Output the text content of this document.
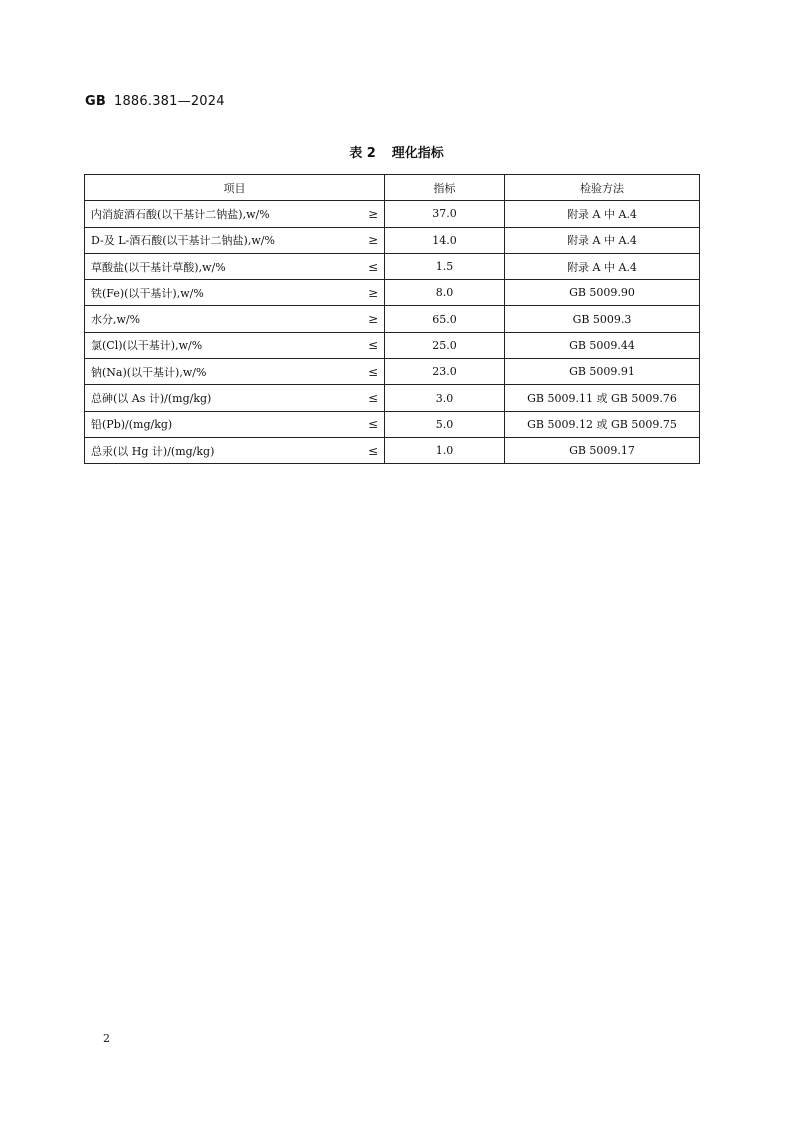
GB 1886.381—2024
表 2 理化指标
项目	指标	检验方法
内消旋酒石酸(以干基计二钠盐),w/% ≥	37.0	附录 A 中 A.4
D-及 L-酒石酸(以干基计二钠盐),w/% ≥	14.0	附录 A 中 A.4
草酸盐(以干基计草酸),w/% ≤	1.5	附录 A 中 A.4
铁(Fe)(以干基计),w/% ≥	8.0	GB 5009.90
水分,w/% ≥	65.0	GB 5009.3
氯(Cl)(以干基计),w/% ≤	25.0	GB 5009.44
钠(Na)(以干基计),w/% ≤	23.0	GB 5009.91
总砷(以 As 计)/(mg/kg) ≤	3.0	GB 5009.11 或 GB 5009.76
铅(Pb)/(mg/kg) ≤	5.0	GB 5009.12 或 GB 5009.75
总汞(以 Hg 计)/(mg/kg) ≤	1.0	GB 5009.17
2
